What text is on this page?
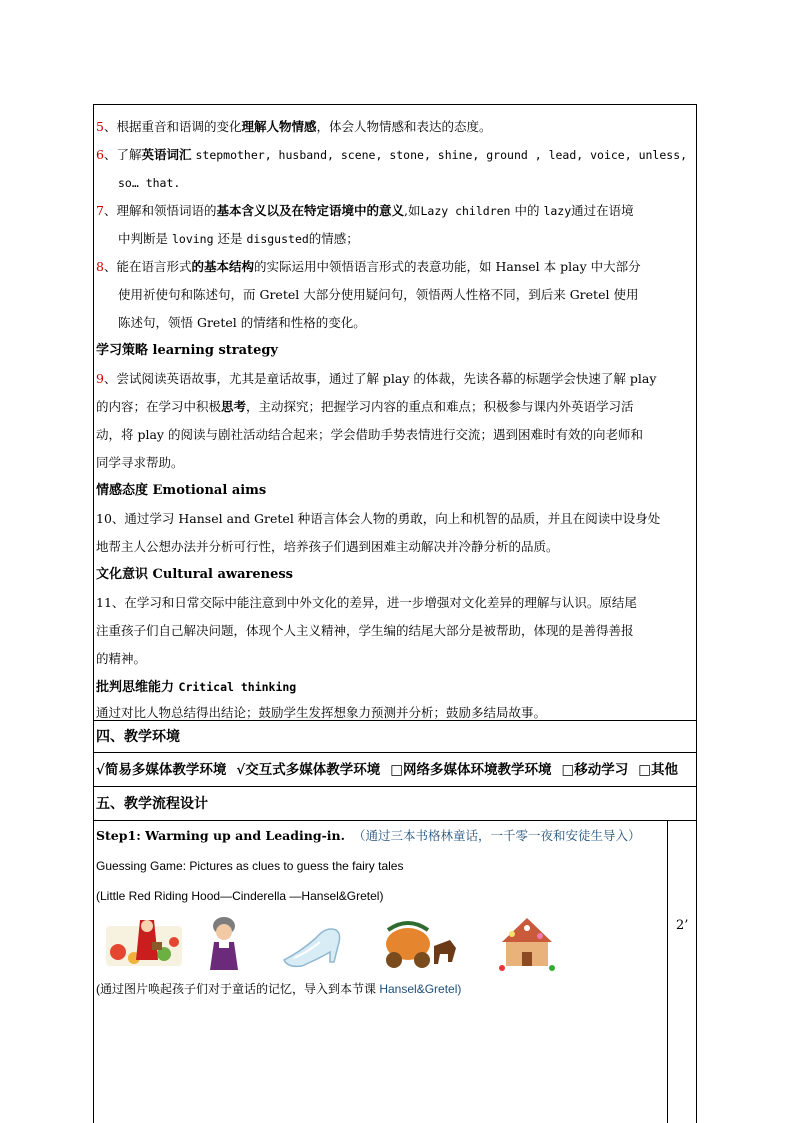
5、根据重音和语调的变化理解人物情感，体会人物情感和表达的态度。
6、了解英语词汇 stepmother, husband, scene, stone, shine, ground , lead, voice, unless,
so… that.
7、理解和领悟词语的基本含义以及在特定语境中的意义,如Lazy children 中的 lazy通过在语境
中判断是 loving 还是 disgusted的情感；
8、能在语言形式的基本结构的实际运用中领悟语言形式的表意功能，如 Hansel 本 play 中大部分
使用祈使句和陈述句，而 Gretel 大部分使用疑问句，领悟两人性格不同，到后来 Gretel 使用
陈述句，领悟 Gretel 的情绪和性格的变化。
学习策略 learning strategy
9、尝试阅读英语故事，尤其是童话故事，通过了解 play 的体裁，先读各幕的标题学会快速了解 play
的内容；在学习中积极思考，主动探究；把握学习内容的重点和难点；积极参与课内外英语学习活
动，将 play 的阅读与剧社活动结合起来；学会借助手势表情进行交流；遇到困难时有效的向老师和
同学寻求帮助。
情感态度 Emotional aims
10、通过学习 Hansel and Gretel 种语言体会人物的勇敢，向上和机智的品质，并且在阅读中设身处
地帮主人公想办法并分析可行性，培养孩子们遇到困难主动解决并冷静分析的品质。
文化意识 Cultural awareness
11、在学习和日常交际中能注意到中外文化的差异，进一步增强对文化差异的理解与认识。原结尾
注重孩子们自己解决问题，体现个人主义精神，学生编的结尾大部分是被帮助，体现的是善得善报
的精神。
批判思维能力 Critical thinking
通过对比人物总结得出结论；鼓励学生发挥想象力预测并分析；鼓励多结局故事。
四、教学环境
√简易多媒体教学环境 √交互式多媒体教学环境 □网络多媒体环境教学环境 □移动学习 □其他
五、教学流程设计
Step1: Warming up and Leading-in. （通过三本书格林童话，一千零一夜和安徒生导入）
Guessing Game: Pictures as clues to guess the fairy tales
(Little Red Riding Hood—Cinderella —Hansel&Gretel)
2’
(通过图片唤起孩子们对于童话的记忆，导入到本节课 Hansel&Gretel)
